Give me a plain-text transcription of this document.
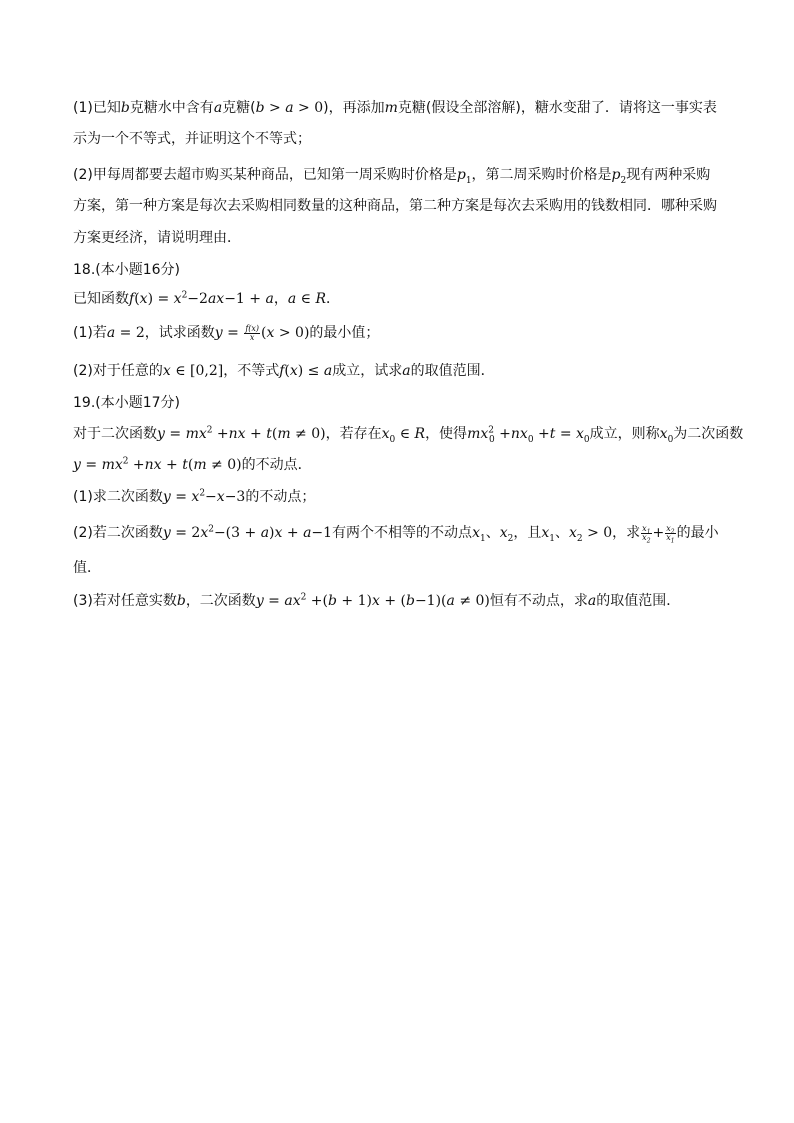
(1)已知b克糖水中含有a克糖(b > a > 0)，再添加m克糖(假设全部溶解)，糖水变甜了．请将这一事实表

示为一个不等式，并证明这个不等式；

(2)甲每周都要去超市购买某种商品，已知第一周采购时价格是$p_1$，第二周采购时价格是$p_2$现有两种采购

方案，第一种方案是每次去采购相同数量的这种商品，第二种方案是每次去采购用的钱数相同．哪种采购

方案更经济，请说明理由．

18.(本小题16分)

已知函数$f(x) = x^2-2ax-1 + a$，a ∈ R．

(1)若a = 2，试求函数$y = \frac{f(x)}{x} (x > 0)$的最小值；

(2)对于任意的x ∈ [0,2]，不等式f(x) ≤ a成立，试求a的取值范围．

19.(本小题17分)

对于二次函数$y = mx^2 +nx + t(m \ne 0)$，若存在$x_0$ ∈ R，使得$mx^2_0 +nx_0 +t = x_0$成立，则称$x_0$为二次函数

$y = mx^2 +nx + t(m \ne 0)$的不动点．

(1)求二次函数$y = x^2-x-3$的不动点；

(2)若二次函数$y = 2x^2-(3 + a)x + a-1$有两个不相等的不动点$x_1$、$x_2$，且$x_1$、$x_2 > 0$，求 $\frac{x_1}{x_2} + \frac{x_2}{x_1}$ 的最小

值．

(3)若对任意实数b，二次函数$y = ax^2 +(b + 1)x + (b-1)(a \ne 0)$恒有不动点，求a的取值范围．
